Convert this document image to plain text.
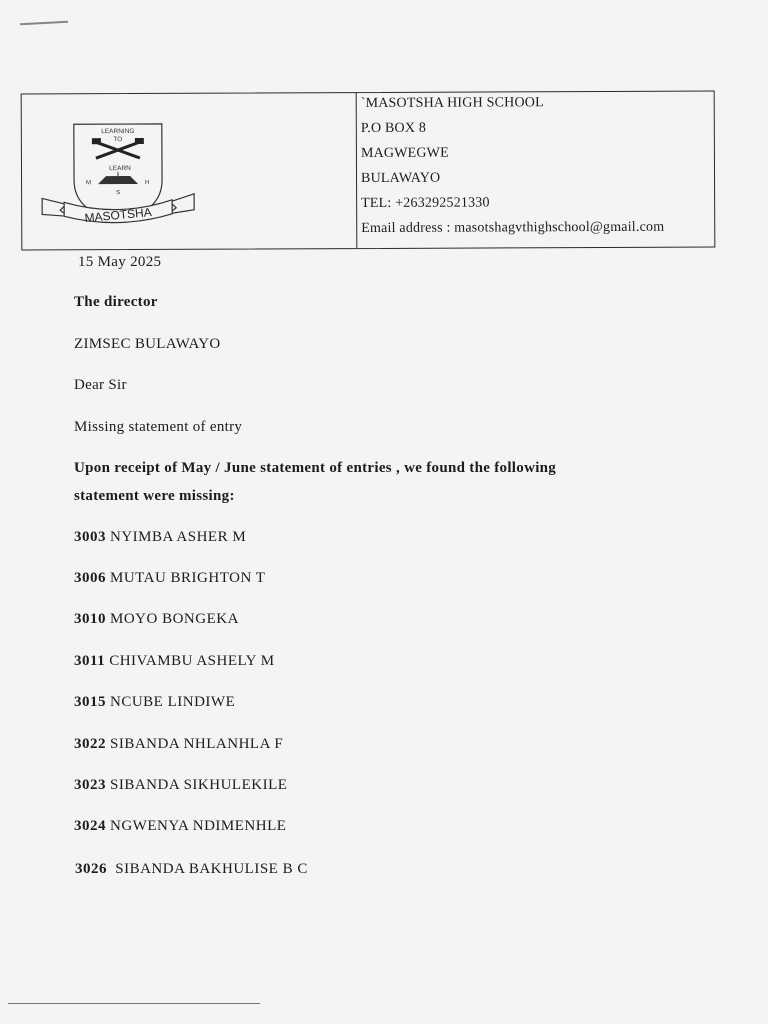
LEARNING
TO
LEARN
M	H
S
MASOTSHA
`MASOTSHA HIGH SCHOOL
P.O BOX 8
MAGWEGWE
BULAWAYO
TEL: +263292521330
Email address : masotshagvthighschool@gmail.com
15 May 2025
The director
ZIMSEC BULAWAYO
Dear Sir
Missing statement of entry
Upon receipt of May / June statement of entries , we found the following
statement were missing:
3003 NYIMBA ASHER M
3006 MUTAU BRIGHTON T
3010 MOYO BONGEKA
3011 CHIVAMBU ASHELY M
3015 NCUBE LINDIWE
3022 SIBANDA NHLANHLA F
3023 SIBANDA SIKHULEKILE
3024 NGWENYA NDIMENHLE
3026 SIBANDA BAKHULISE B C
